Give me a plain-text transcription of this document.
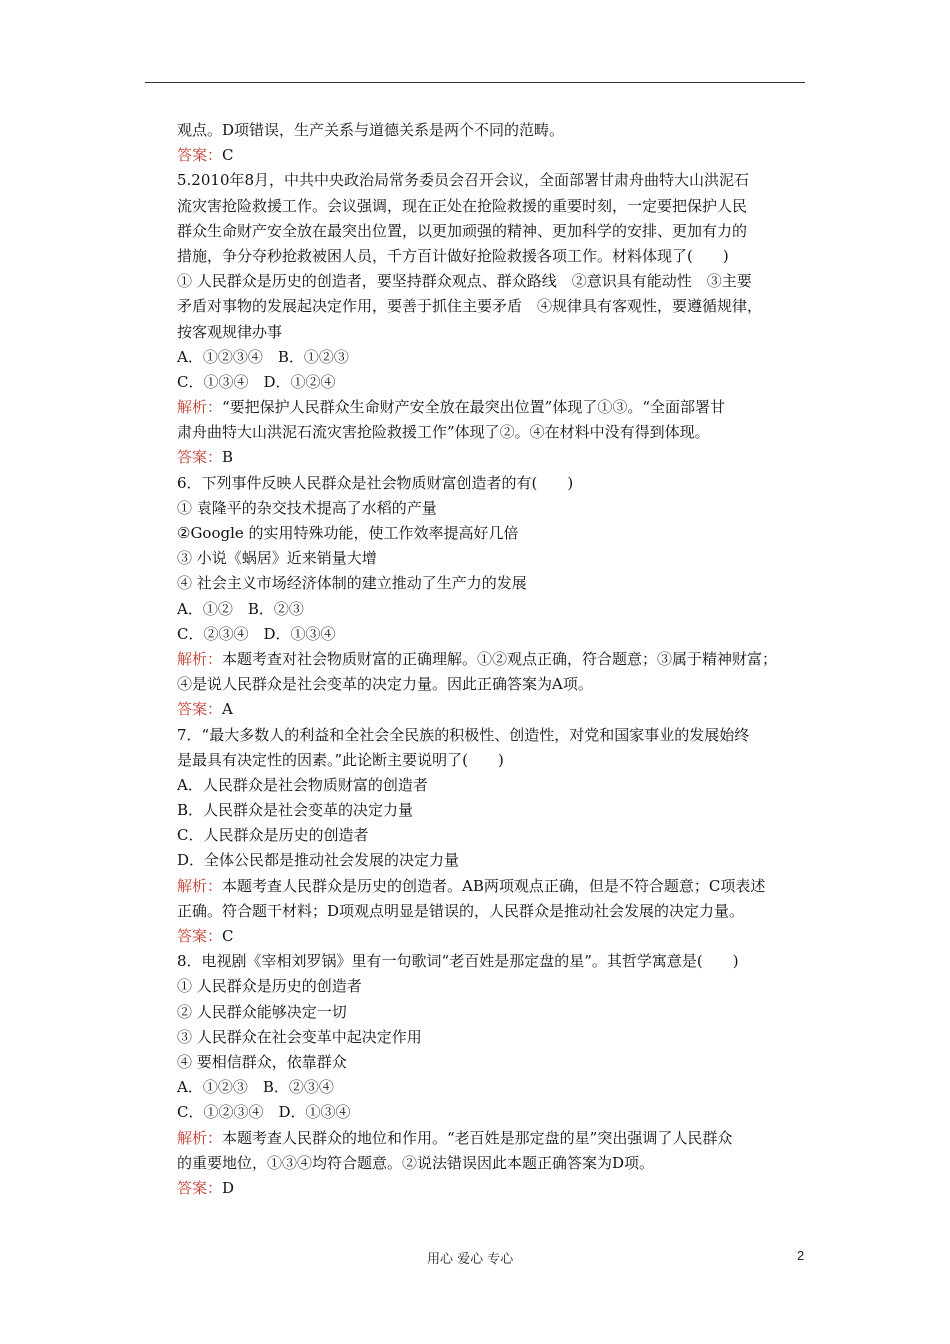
观点。D项错误，生产关系与道德关系是两个不同的范畴。
答案：C
5.2010年8月，中共中央政治局常务委员会召开会议，全面部署甘肃舟曲特大山洪泥石
流灾害抢险救援工作。会议强调，现在正处在抢险救援的重要时刻，一定要把保护人民
群众生命财产安全放在最突出位置，以更加顽强的精神、更加科学的安排、更加有力的
措施，争分夺秒抢救被困人员，千方百计做好抢险救援各项工作。材料体现了(　　)
① 人民群众是历史的创造者，要坚持群众观点、群众路线　②意识具有能动性　③主要
矛盾对事物的发展起决定作用，要善于抓住主要矛盾　④规律具有客观性，要遵循规律，
按客观规律办事
A．①②③④　B．①②③
C．①③④　D．①②④
解析：“要把保护人民群众生命财产安全放在最突出位置”体现了①③。“全面部署甘
肃舟曲特大山洪泥石流灾害抢险救援工作”体现了②。④在材料中没有得到体现。
答案：B
6．下列事件反映人民群众是社会物质财富创造者的有(　　)
① 袁隆平的杂交技术提高了水稻的产量
②Google 的实用特殊功能，使工作效率提高好几倍
③ 小说《蜗居》近来销量大增
④ 社会主义市场经济体制的建立推动了生产力的发展
A．①②　B．②③
C．②③④　D．①③④
解析：本题考查对社会物质财富的正确理解。①②观点正确，符合题意；③属于精神财富；
④是说人民群众是社会变革的决定力量。因此正确答案为A项。
答案：A
7．“最大多数人的利益和全社会全民族的积极性、创造性，对党和国家事业的发展始终
是最具有决定性的因素。”此论断主要说明了(　　)
A．人民群众是社会物质财富的创造者
B．人民群众是社会变革的决定力量
C．人民群众是历史的创造者
D．全体公民都是推动社会发展的决定力量
解析：本题考查人民群众是历史的创造者。AB两项观点正确，但是不符合题意；C项表述
正确。符合题干材料；D项观点明显是错误的，人民群众是推动社会发展的决定力量。
答案：C
8．电视剧《宰相刘罗锅》里有一句歌词“老百姓是那定盘的星”。其哲学寓意是(　　)
① 人民群众是历史的创造者
② 人民群众能够决定一切
③ 人民群众在社会变革中起决定作用
④ 要相信群众，依靠群众
A．①②③　B．②③④
C．①②③④　D．①③④
解析：本题考查人民群众的地位和作用。“老百姓是那定盘的星”突出强调了人民群众
的重要地位，①③④均符合题意。②说法错误因此本题正确答案为D项。
答案：D
用心 爱心 专心	2
